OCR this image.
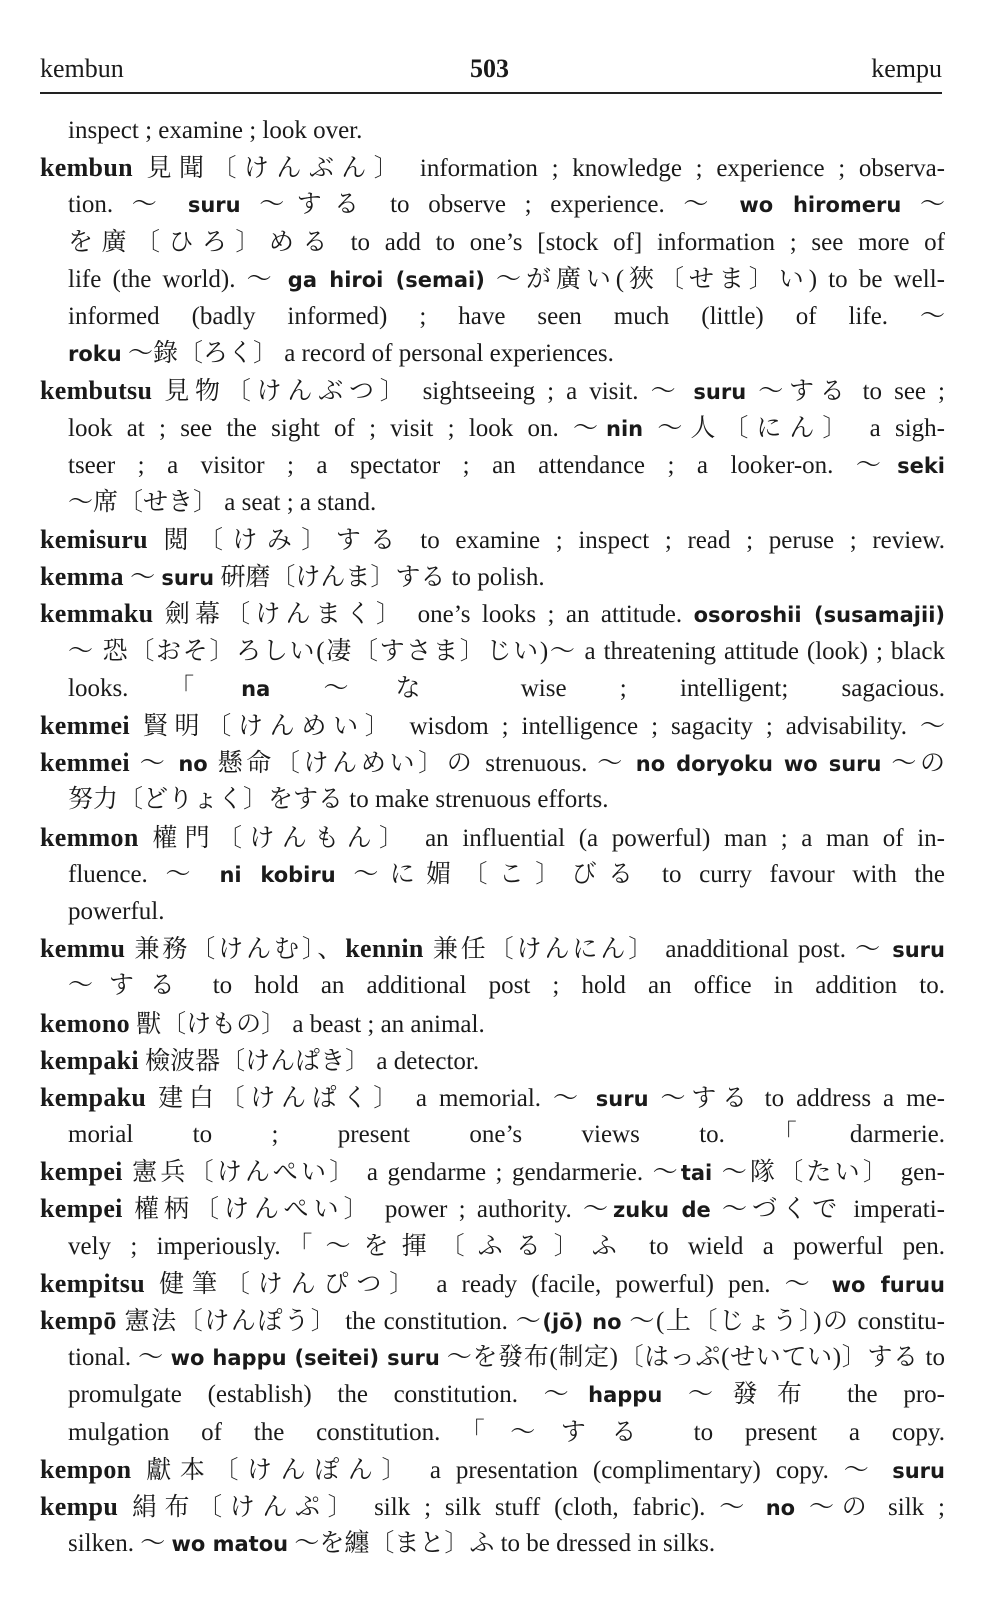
kembun	503	kempu
inspect ; examine ; look over.
kembun 見聞〔けんぶん〕 information ; knowledge ; experience ; observa-
tion. ～ suru ～する to observe ; experience. ～ wo hiromeru ～
を廣〔ひろ〕める to add to one’s [stock of] information ; see more of
life (the world). ～ ga hiroi (semai) ～が廣い(狹〔せま〕い) to be well-
informed (badly informed) ; have seen much (little) of life. ～
roku ～錄〔ろく〕 a record of personal experiences.
kembutsu 見物〔けんぶつ〕 sightseeing ; a visit. ～ suru ～する to see ;
look at ; see the sight of ; visit ; look on. ～nin ～人〔にん〕 a sigh-
tseer ; a visitor ; a spectator ; an attendance ; a looker-on. ～seki
～席〔せき〕 a seat ; a stand.
kemisuru 閲〔けみ〕する to examine ; inspect ; read ; peruse ; review.
kemma ～ suru 硏磨〔けんま〕する to polish.
kemmaku 劍幕〔けんまく〕 one’s looks ; an attitude. osoroshii (susamajii)
～ 恐〔おそ〕ろしい(凄〔すさま〕じい)～ a threatening attitude (look) ; black
looks. ｢na ～な wise ; intelligent; sagacious.
kemmei 賢明〔けんめい〕 wisdom ; intelligence ; sagacity ; advisability. ～
kemmei ～ no 懸命〔けんめい〕の strenuous. ～ no doryoku wo suru ～の
努力〔どりょく〕をする to make strenuous efforts.
kemmon 權門〔けんもん〕 an influential (a powerful) man ; a man of in-
fluence. ～ ni kobiru ～に媚〔こ〕びる to curry favour with the
powerful.
kemmu 兼務〔けんむ〕、kennin 兼任〔けんにん〕 anadditional post. ～ suru
～する to hold an additional post ; hold an office in addition to.
kemono 獸〔けもの〕 a beast ; an animal.
kempaki 檢波器〔けんぱき〕 a detector.
kempaku 建白〔けんぱく〕 a memorial. ～ suru ～する to address a me-
morial to ; present one’s views to. ｢darmerie.
kempei 憲兵〔けんぺい〕 a gendarme ; gendarmerie. ～tai ～隊〔たい〕 gen-
kempei 權柄〔けんぺい〕 power ; authority. ～zuku de ～づくで imperati-
vely ; imperiously. ｢～を揮〔ふる〕ふ to wield a powerful pen.
kempitsu 健筆〔けんぴつ〕 a ready (facile, powerful) pen. ～ wo furuu
kempō 憲法〔けんぽう〕 the constitution. ～(jō) no ～(上〔じょう〕)の constitu-
tional. ～ wo happu (seitei) suru ～を發布(制定)〔はっぷ(せいてい)〕する to
promulgate (establish) the constitution. ～happu ～發布 the pro-
mulgation of the constitution. ｢～する to present a copy.
kempon 獻本〔けんぽん〕 a presentation (complimentary) copy. ～ suru
kempu 絹布〔けんぷ〕 silk ; silk stuff (cloth, fabric). ～ no ～の silk ;
silken. ～ wo matou ～を纏〔まと〕ふ to be dressed in silks.
